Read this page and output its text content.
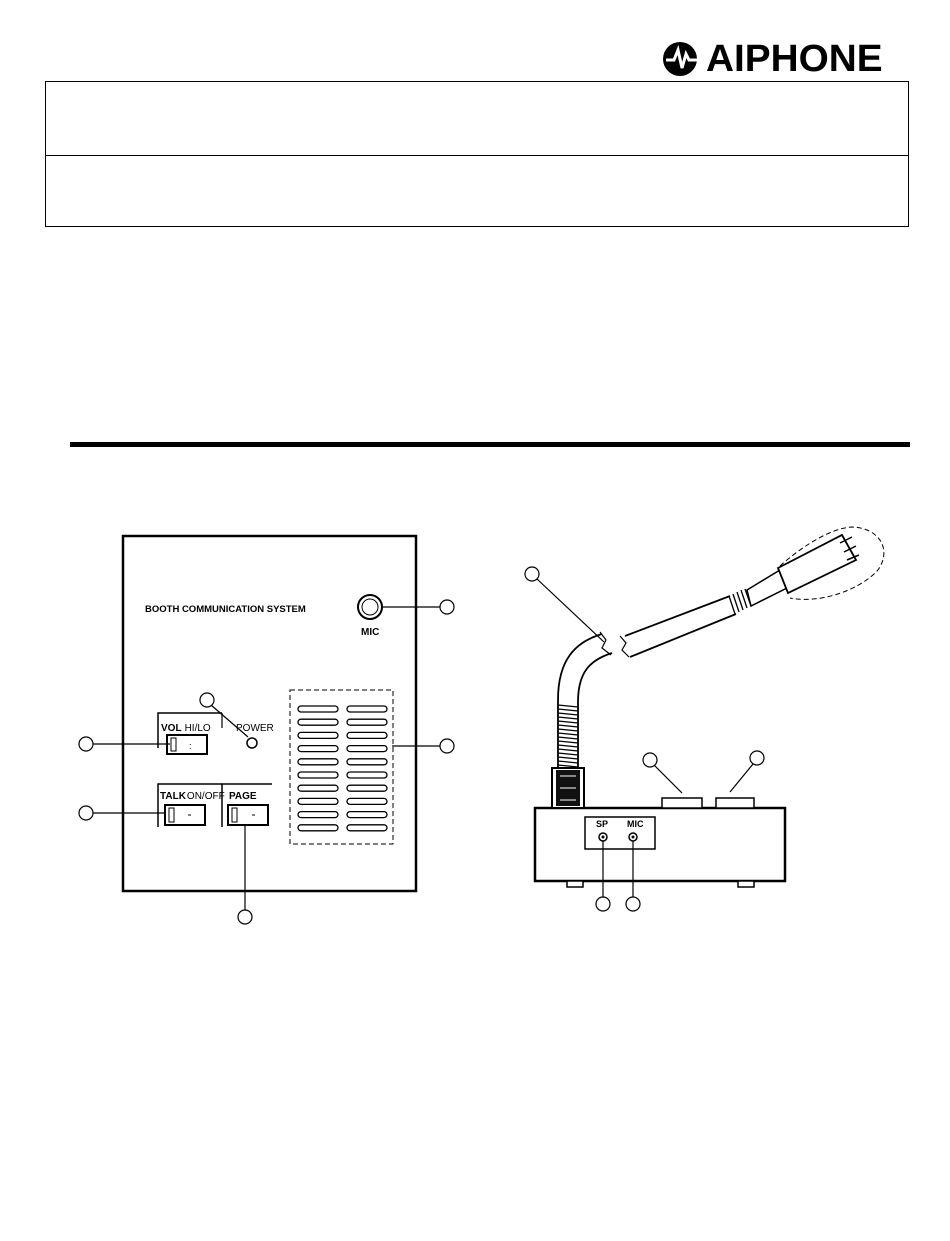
AIPHONE
BOOTH COMMUNICATION SYSTEM
MIC
VOL HI/LO
:
POWER
TALKON/OFF PAGE
SP MIC
